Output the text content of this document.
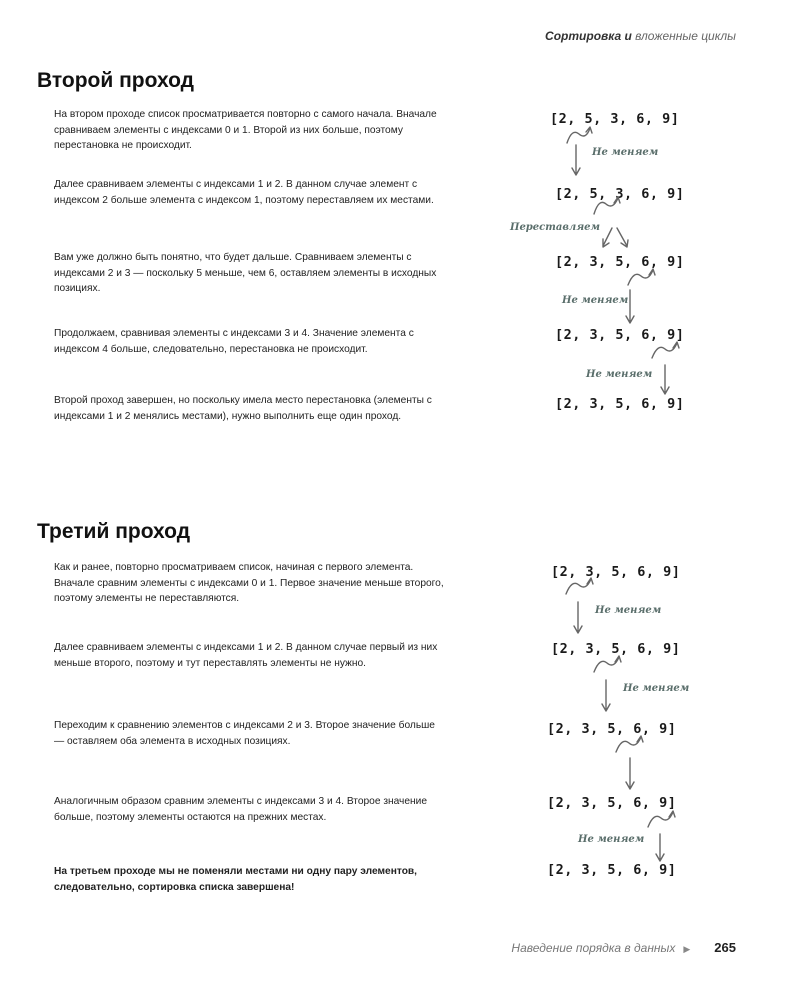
Сортировка и вложенные циклы
Второй проход

На втором проходе список просматривается повторно с самого начала. Вначале сравниваем элементы с индексами 0 и 1. Второй из них больше, поэтому перестановка не происходит.

Далее сравниваем элементы с индексами 1 и 2. В данном случае элемент с индексом 2 больше элемента с индексом 1, поэтому переставляем их местами.

Вам уже должно быть понятно, что будет дальше. Сравниваем элементы с индексами 2 и 3 — поскольку 5 меньше, чем 6, оставляем элементы в исходных позициях.

Продолжаем, сравнивая элементы с индексами 3 и 4. Значение элемента с индексом 4 больше, следовательно, перестановка не происходит.

Второй проход завершен, но поскольку имела место перестановка (элементы с индексами 1 и 2 менялись местами), нужно выполнить еще один проход.

[2, 5, 3, 6, 9]
[2, 5, 3, 6, 9]
[2, 3, 5, 6, 9]
[2, 3, 5, 6, 9]
[2, 3, 5, 6, 9]
Не меняем
Переставляем
Не меняем
Не меняем
Третий проход

Как и ранее, повторно просматриваем список, начиная с первого элемента. Вначале сравним элементы с индексами 0 и 1. Первое значение меньше второго, поэтому элементы не переставляются.

Далее сравниваем элементы с индексами 1 и 2. В данном случае первый из них меньше второго, поэтому и тут переставлять элементы не нужно.

Переходим к сравнению элементов с индексами 2 и 3. Второе значение больше — оставляем оба элемента в исходных позициях.

Аналогичным образом сравним элементы с индексами 3 и 4. Второе значение больше, поэтому элементы остаются на прежних местах.

На третьем проходе мы не поменяли местами ни одну пару элементов, следовательно, сортировка списка завершена!

[2, 3, 5, 6, 9]
[2, 3, 5, 6, 9]
[2, 3, 5, 6, 9]
[2, 3, 5, 6, 9]
[2, 3, 5, 6, 9]
Не меняем
Не меняем
Не меняем
Наведение порядка в данных ▶ 265
